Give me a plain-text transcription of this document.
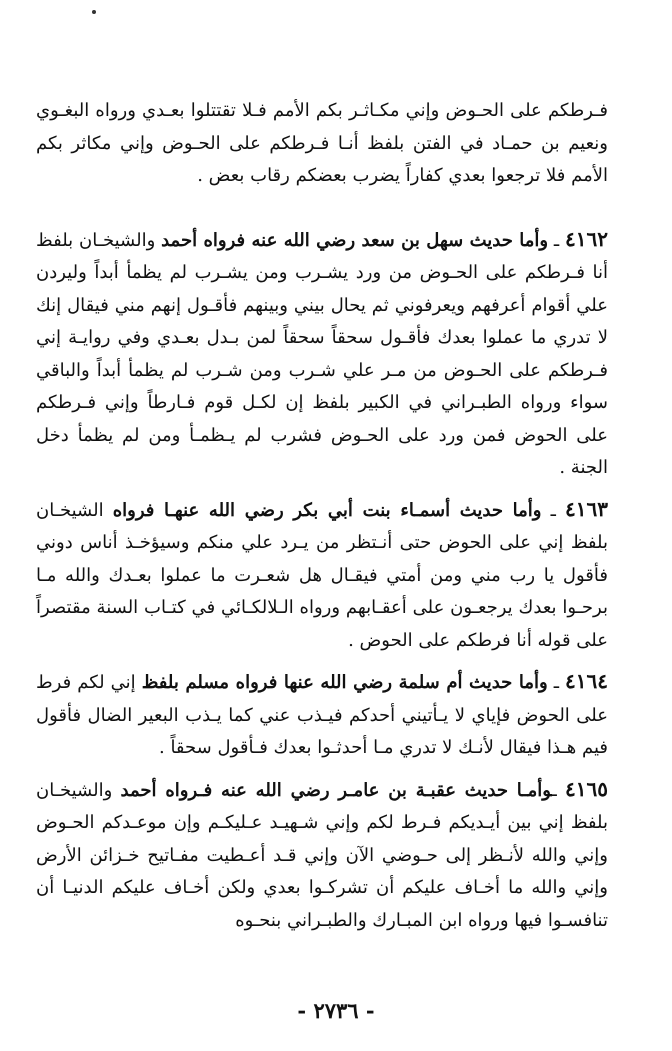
فـرطكم على الحـوض وإني مكـاثـر بكم الأمم فـلا تقتتلوا بعـدي ورواه البغـوي ونعيم بن حمـاد في الفتن بلفظ أنـا فـرطكم على الحـوض وإني مكاثر بكم الأمم فلا ترجعوا بعدي كفاراً يضرب بعضكم رقاب بعض .

٤١٦٢ ـ وأما حديث سهل بن سعد رضي الله عنه فرواه أحمد والشيخـان بلفظ أنا فـرطكم على الحـوض من ورد يشـرب ومن يشـرب لم يظمأ أبداً وليردن علي أقوام أعرفهم ويعرفوني ثم يحال بيني وبينهم فأقـول إنهم مني فيقال إنك لا تدري ما عملوا بعدك فأقـول سحقاً سحقاً لمن بـدل بعـدي وفي روايـة إني فـرطكم على الحـوض من مـر علي شـرب ومن شـرب لم يظمأ أبداً والباقي سواء ورواه الطبـراني في الكبير بلفظ إن لكـل قوم فـارطاً وإني فـرطكم على الحوض فمن ورد على الحـوض فشرب لم يـظمـأ ومن لم يظمأ دخل الجنة .

٤١٦٣ ـ وأما حديث أسمـاء بنت أبي بكر رضي الله عنهـا فرواه الشيخـان بلفظ إني على الحوض حتى أنـتظر من يـرد علي منكم وسيؤخـذ أناس دوني فأقول يا رب مني ومن أمتي فيقـال هل شعـرت ما عملوا بعـدك والله مـا برحـوا بعدك يرجعـون على أعقـابهم ورواه الـلالكـائي في كتـاب السنة مقتصراً على قوله أنا فرطكم على الحوض .

٤١٦٤ ـ وأما حديث أم سلمة رضي الله عنها فرواه مسلم بلفظ إني لكم فرط على الحوض فإياي لا يـأتيني أحدكم فيـذب عني كما يـذب البعير الضال فأقول فيم هـذا فيقال لأنـك لا تدري مـا أحدثـوا بعدك فـأقول سحقاً .

٤١٦٥ ـوأمـا حديث عقبـة بن عامـر رضي الله عنه فـرواه أحمد والشيخـان بلفظ إني بين أيـديكم فـرط لكم وإني شـهيـد عـليكـم وإن موعـدكم الحـوض وإني والله لأنـظر إلى حـوضي الآن وإني قـد أعـطيت مفـاتيح خـزائن الأرض وإني والله ما أخـاف عليكم أن تشركـوا بعدي ولكن أخـاف عليكم الدنيـا أن تنافسـوا فيها ورواه ابن المبـارك والطبـراني بنحـوه

- ٢٧٣٦ -
